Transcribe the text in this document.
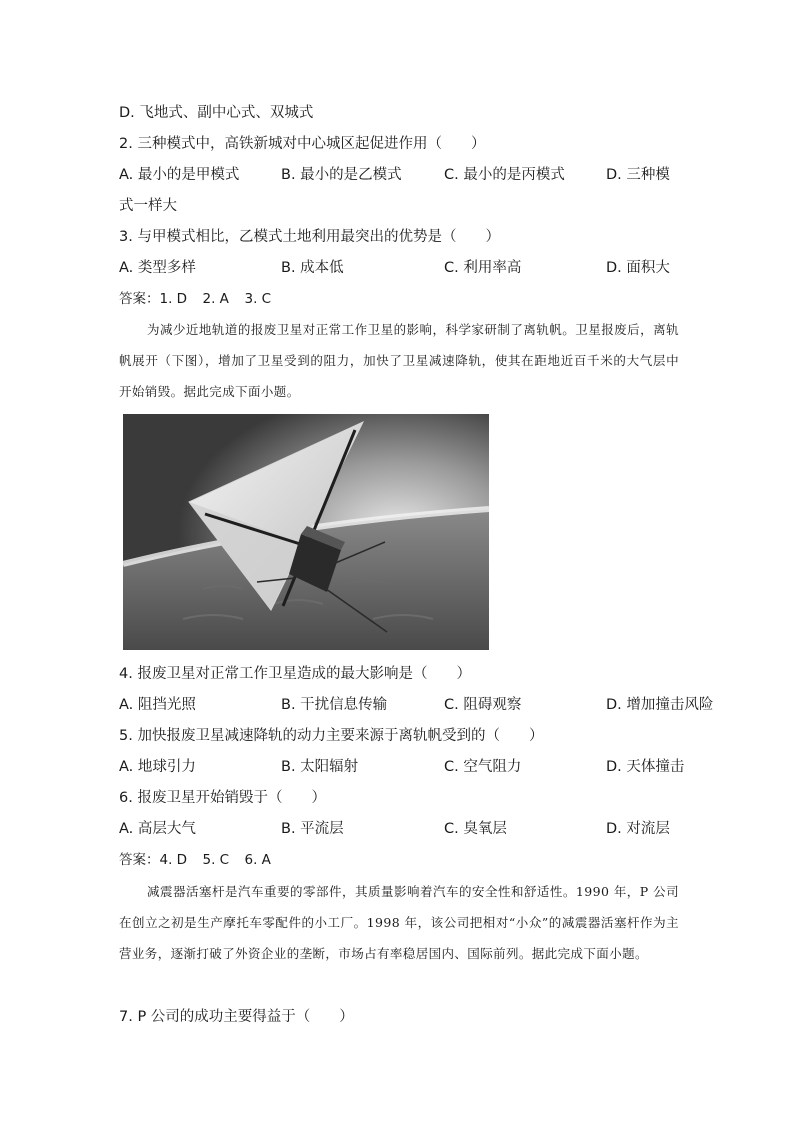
D. 飞地式、副中心式、双城式
2. 三种模式中，高铁新城对中心城区起促进作用（　　）
A. 最小的是甲模式	B. 最小的是乙模式	C. 最小的是丙模式	D. 三种模
式一样大
3. 与甲模式相比，乙模式土地利用最突出的优势是（　　）
A. 类型多样	B. 成本低	C. 利用率高	D. 面积大
答案：1. D 2. A 3. C

为减少近地轨道的报废卫星对正常工作卫星的影响，科学家研制了离轨帆。卫星报废后，离轨帆展开（下图），增加了卫星受到的阻力，加快了卫星减速降轨，使其在距地近百千米的大气层中开始销毁。据此完成下面小题。

4. 报废卫星对正常工作卫星造成的最大影响是（　　）
A. 阻挡光照	B. 干扰信息传输	C. 阻碍观察	D. 增加撞击风险
5. 加快报废卫星减速降轨的动力主要来源于离轨帆受到的（　　）
A. 地球引力	B. 太阳辐射	C. 空气阻力	D. 天体撞击
6. 报废卫星开始销毁于（　　）
A. 高层大气	B. 平流层	C. 臭氧层	D. 对流层
答案：4. D 5. C 6. A

减震器活塞杆是汽车重要的零部件，其质量影响着汽车的安全性和舒适性。1990 年，P 公司在创立之初是生产摩托车零配件的小工厂。1998 年，该公司把相对“小众”的减震器活塞杆作为主营业务，逐渐打破了外资企业的垄断，市场占有率稳居国内、国际前列。据此完成下面小题。

7. P 公司的成功主要得益于（　　）
